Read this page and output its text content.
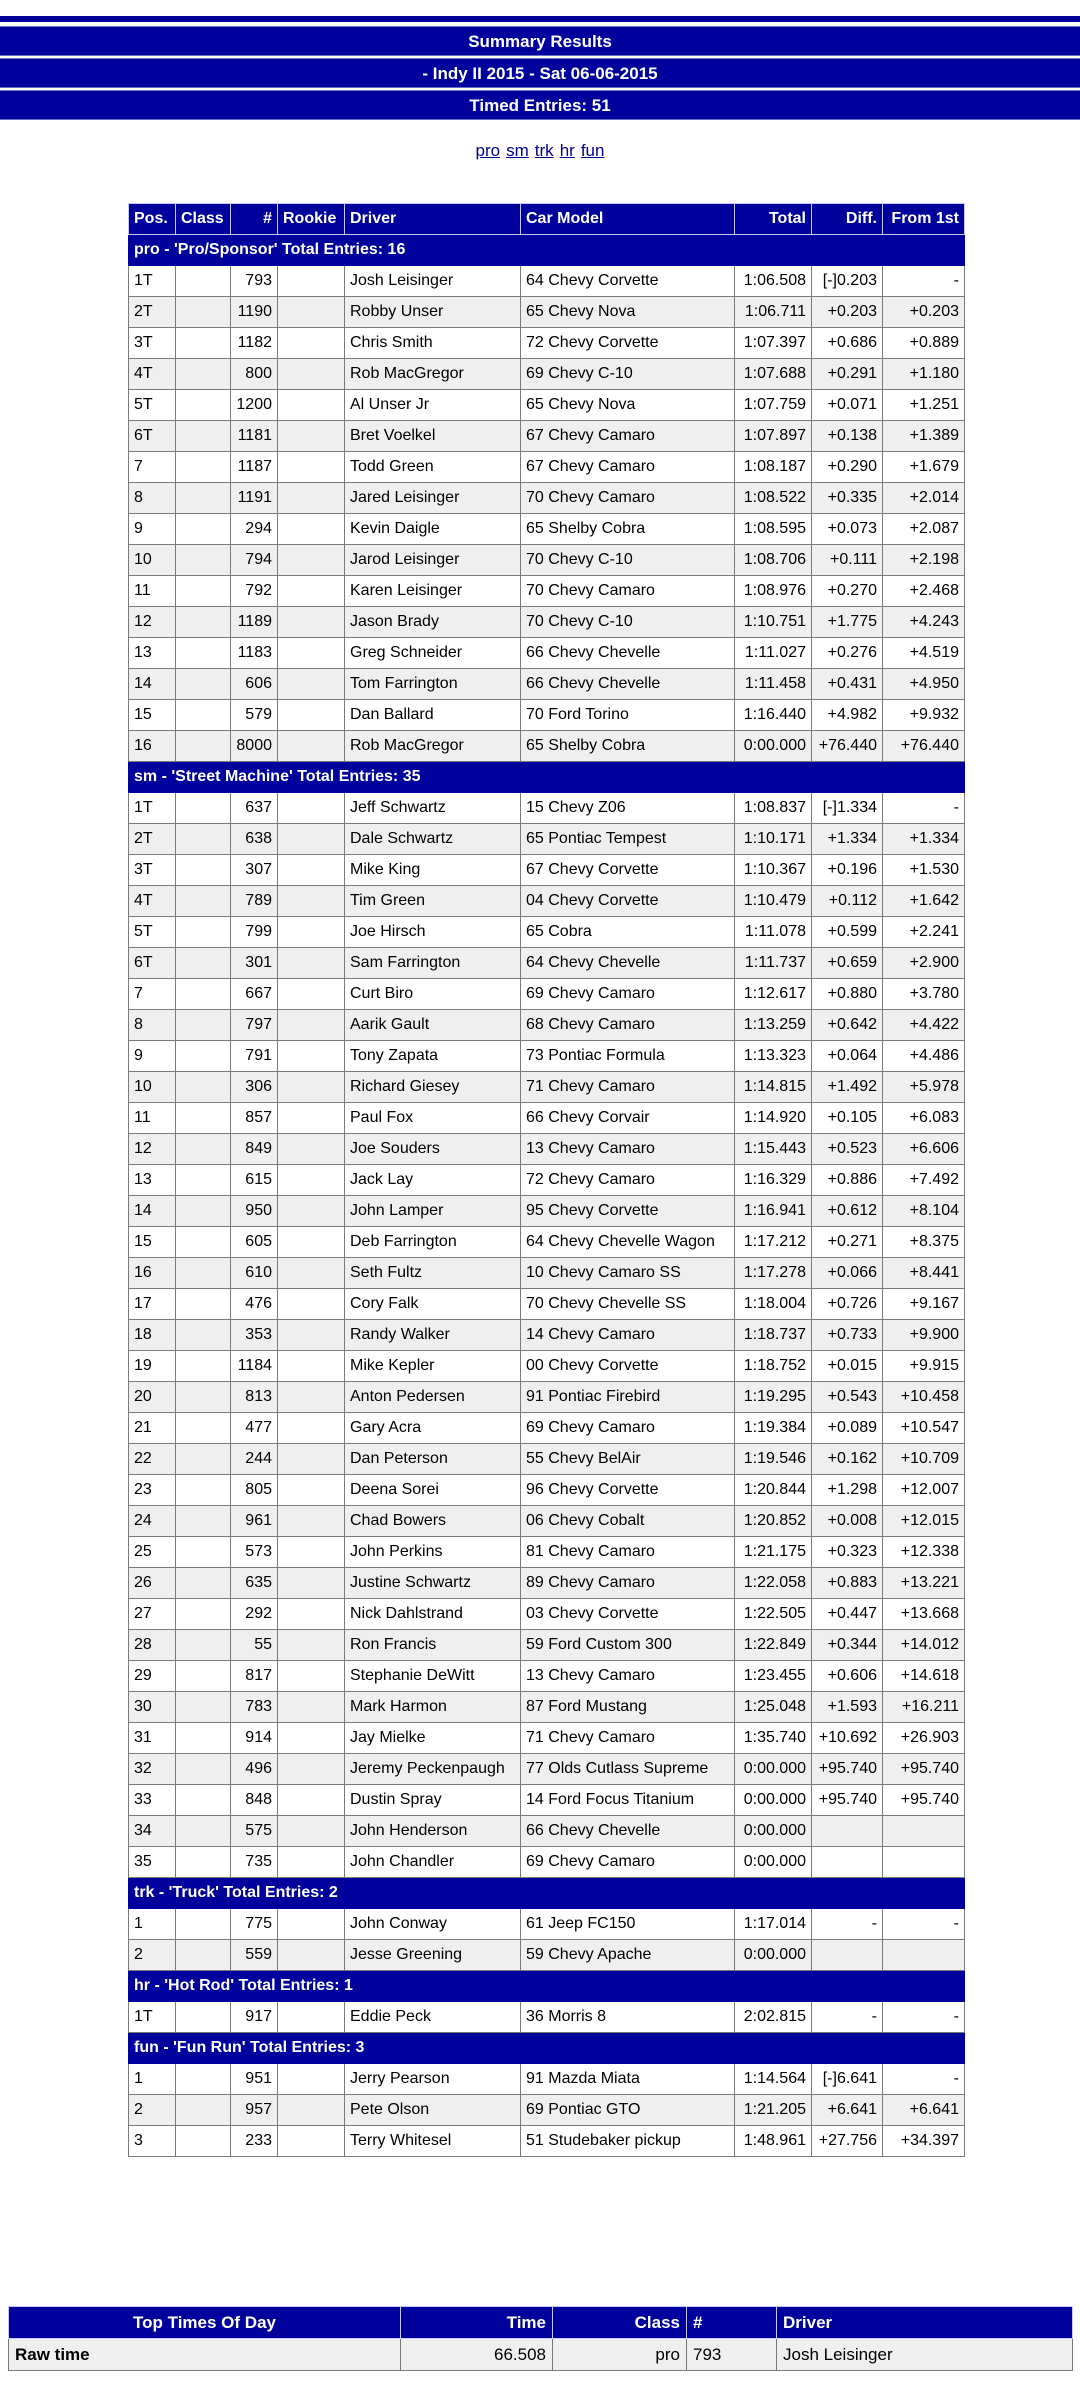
Summary Results
- Indy II 2015 - Sat 06-06-2015
Timed Entries: 51
pro sm trk hr fun
Pos.	Class	#	Rookie	Driver	Car Model	Total	Diff.	From 1st
pro - 'Pro/Sponsor' Total Entries: 16								
1T		793		Josh Leisinger	64 Chevy Corvette	1:06.508	[-]0.203	-
2T		1190		Robby Unser	65 Chevy Nova	1:06.711	+0.203	+0.203
3T		1182		Chris Smith	72 Chevy Corvette	1:07.397	+0.686	+0.889
4T		800		Rob MacGregor	69 Chevy C-10	1:07.688	+0.291	+1.180
5T		1200		Al Unser Jr	65 Chevy Nova	1:07.759	+0.071	+1.251
6T		1181		Bret Voelkel	67 Chevy Camaro	1:07.897	+0.138	+1.389
7		1187		Todd Green	67 Chevy Camaro	1:08.187	+0.290	+1.679
8		1191		Jared Leisinger	70 Chevy Camaro	1:08.522	+0.335	+2.014
9		294		Kevin Daigle	65 Shelby Cobra	1:08.595	+0.073	+2.087
10		794		Jarod Leisinger	70 Chevy C-10	1:08.706	+0.111	+2.198
11		792		Karen Leisinger	70 Chevy Camaro	1:08.976	+0.270	+2.468
12		1189		Jason Brady	70 Chevy C-10	1:10.751	+1.775	+4.243
13		1183		Greg Schneider	66 Chevy Chevelle	1:11.027	+0.276	+4.519
14		606		Tom Farrington	66 Chevy Chevelle	1:11.458	+0.431	+4.950
15		579		Dan Ballard	70 Ford Torino	1:16.440	+4.982	+9.932
16		8000		Rob MacGregor	65 Shelby Cobra	0:00.000	+76.440	+76.440
sm - 'Street Machine' Total Entries: 35								
1T		637		Jeff Schwartz	15 Chevy Z06	1:08.837	[-]1.334	-
2T		638		Dale Schwartz	65 Pontiac Tempest	1:10.171	+1.334	+1.334
3T		307		Mike King	67 Chevy Corvette	1:10.367	+0.196	+1.530
4T		789		Tim Green	04 Chevy Corvette	1:10.479	+0.112	+1.642
5T		799		Joe Hirsch	65 Cobra	1:11.078	+0.599	+2.241
6T		301		Sam Farrington	64 Chevy Chevelle	1:11.737	+0.659	+2.900
7		667		Curt Biro	69 Chevy Camaro	1:12.617	+0.880	+3.780
8		797		Aarik Gault	68 Chevy Camaro	1:13.259	+0.642	+4.422
9		791		Tony Zapata	73 Pontiac Formula	1:13.323	+0.064	+4.486
10		306		Richard Giesey	71 Chevy Camaro	1:14.815	+1.492	+5.978
11		857		Paul Fox	66 Chevy Corvair	1:14.920	+0.105	+6.083
12		849		Joe Souders	13 Chevy Camaro	1:15.443	+0.523	+6.606
13		615		Jack Lay	72 Chevy Camaro	1:16.329	+0.886	+7.492
14		950		John Lamper	95 Chevy Corvette	1:16.941	+0.612	+8.104
15		605		Deb Farrington	64 Chevy Chevelle Wagon	1:17.212	+0.271	+8.375
16		610		Seth Fultz	10 Chevy Camaro SS	1:17.278	+0.066	+8.441
17		476		Cory Falk	70 Chevy Chevelle SS	1:18.004	+0.726	+9.167
18		353		Randy Walker	14 Chevy Camaro	1:18.737	+0.733	+9.900
19		1184		Mike Kepler	00 Chevy Corvette	1:18.752	+0.015	+9.915
20		813		Anton Pedersen	91 Pontiac Firebird	1:19.295	+0.543	+10.458
21		477		Gary Acra	69 Chevy Camaro	1:19.384	+0.089	+10.547
22		244		Dan Peterson	55 Chevy BelAir	1:19.546	+0.162	+10.709
23		805		Deena Sorei	96 Chevy Corvette	1:20.844	+1.298	+12.007
24		961		Chad Bowers	06 Chevy Cobalt	1:20.852	+0.008	+12.015
25		573		John Perkins	81 Chevy Camaro	1:21.175	+0.323	+12.338
26		635		Justine Schwartz	89 Chevy Camaro	1:22.058	+0.883	+13.221
27		292		Nick Dahlstrand	03 Chevy Corvette	1:22.505	+0.447	+13.668
28		55		Ron Francis	59 Ford Custom 300	1:22.849	+0.344	+14.012
29		817		Stephanie DeWitt	13 Chevy Camaro	1:23.455	+0.606	+14.618
30		783		Mark Harmon	87 Ford Mustang	1:25.048	+1.593	+16.211
31		914		Jay Mielke	71 Chevy Camaro	1:35.740	+10.692	+26.903
32		496		Jeremy Peckenpaugh	77 Olds Cutlass Supreme	0:00.000	+95.740	+95.740
33		848		Dustin Spray	14 Ford Focus Titanium	0:00.000	+95.740	+95.740
34		575		John Henderson	66 Chevy Chevelle	0:00.000		
35		735		John Chandler	69 Chevy Camaro	0:00.000		
trk - 'Truck' Total Entries: 2								
1		775		John Conway	61 Jeep FC150	1:17.014	-	-
2		559		Jesse Greening	59 Chevy Apache	0:00.000		
hr - 'Hot Rod' Total Entries: 1								
1T		917		Eddie Peck	36 Morris 8	2:02.815	-	-
fun - 'Fun Run' Total Entries: 3								
1		951		Jerry Pearson	91 Mazda Miata	1:14.564	[-]6.641	-
2		957		Pete Olson	69 Pontiac GTO	1:21.205	+6.641	+6.641
3		233		Terry Whitesel	51 Studebaker pickup	1:48.961	+27.756	+34.397
Top Times Of Day	Time	Class	#	Driver
Raw time	66.508	pro	793	Josh Leisinger
